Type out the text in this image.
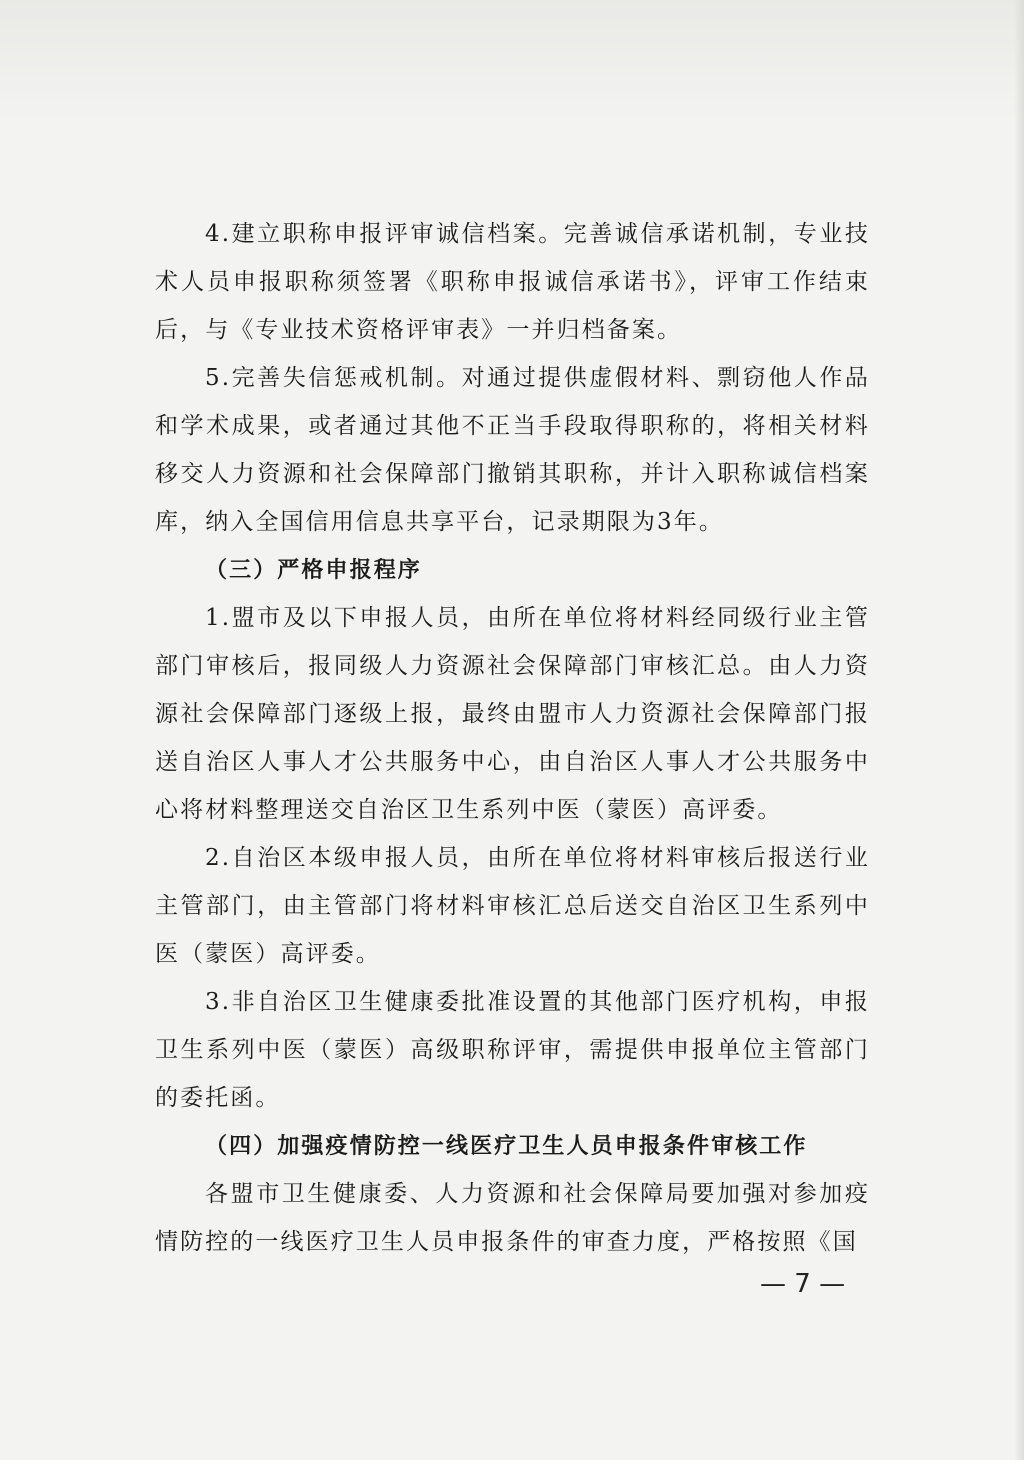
4.建立职称申报评审诚信档案。完善诚信承诺机制，专业技术人员申报职称须签署《职称申报诚信承诺书》，评审工作结束后，与《专业技术资格评审表》一并归档备案。

5.完善失信惩戒机制。对通过提供虚假材料、剽窃他人作品和学术成果，或者通过其他不正当手段取得职称的，将相关材料移交人力资源和社会保障部门撤销其职称，并计入职称诚信档案库，纳入全国信用信息共享平台，记录期限为3年。

（三）严格申报程序

1.盟市及以下申报人员，由所在单位将材料经同级行业主管部门审核后，报同级人力资源社会保障部门审核汇总。由人力资源社会保障部门逐级上报，最终由盟市人力资源社会保障部门报送自治区人事人才公共服务中心，由自治区人事人才公共服务中心将材料整理送交自治区卫生系列中医（蒙医）高评委。

2.自治区本级申报人员，由所在单位将材料审核后报送行业主管部门，由主管部门将材料审核汇总后送交自治区卫生系列中医（蒙医）高评委。

3.非自治区卫生健康委批准设置的其他部门医疗机构，申报卫生系列中医（蒙医）高级职称评审，需提供申报单位主管部门的委托函。

（四）加强疫情防控一线医疗卫生人员申报条件审核工作

各盟市卫生健康委、人力资源和社会保障局要加强对参加疫情防控的一线医疗卫生人员申报条件的审查力度，严格按照《国

— 7 —
